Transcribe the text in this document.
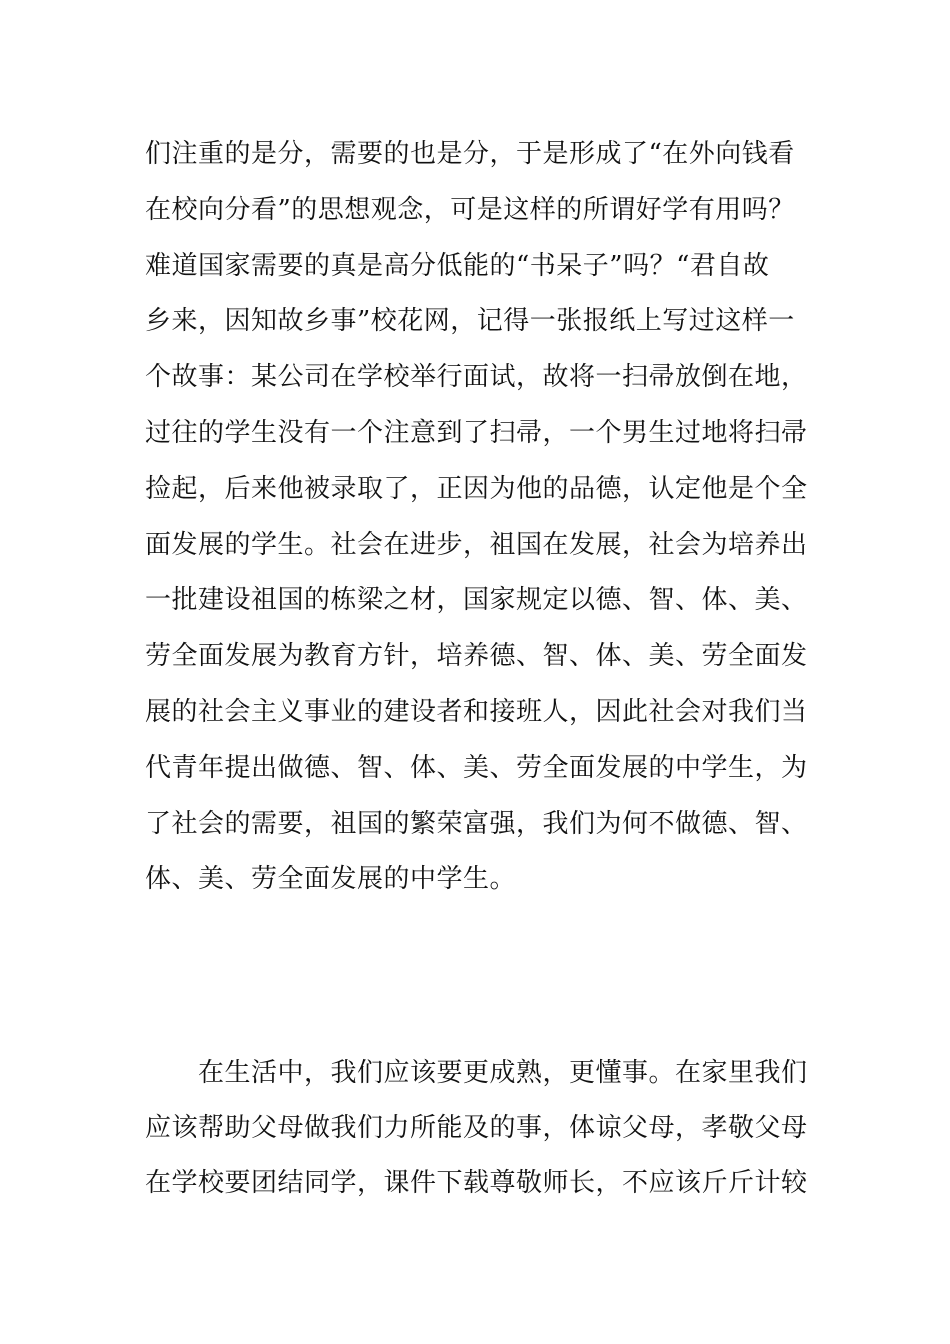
们注重的是分，需要的也是分，于是形成了“在外向钱看
在校向分看”的思想观念，可是这样的所谓好学有用吗？
难道国家需要的真是高分低能的“书呆子”吗？“君自故
乡来，因知故乡事”校花网，记得一张报纸上写过这样一
个故事：某公司在学校举行面试，故将一扫帚放倒在地，
过往的学生没有一个注意到了扫帚，一个男生过地将扫帚
捡起，后来他被录取了，正因为他的品德，认定他是个全
面发展的学生。社会在进步，祖国在发展，社会为培养出
一批建设祖国的栋梁之材，国家规定以德、智、体、美、
劳全面发展为教育方针，培养德、智、体、美、劳全面发
展的社会主义事业的建设者和接班人，因此社会对我们当
代青年提出做德、智、体、美、劳全面发展的中学生，为
了社会的需要，祖国的繁荣富强，我们为何不做德、智、
体、美、劳全面发展的中学生。
　　在生活中，我们应该要更成熟，更懂事。在家里我们
应该帮助父母做我们力所能及的事，体谅父母，孝敬父母
在学校要团结同学，课件下载尊敬师长，不应该斤斤计较
